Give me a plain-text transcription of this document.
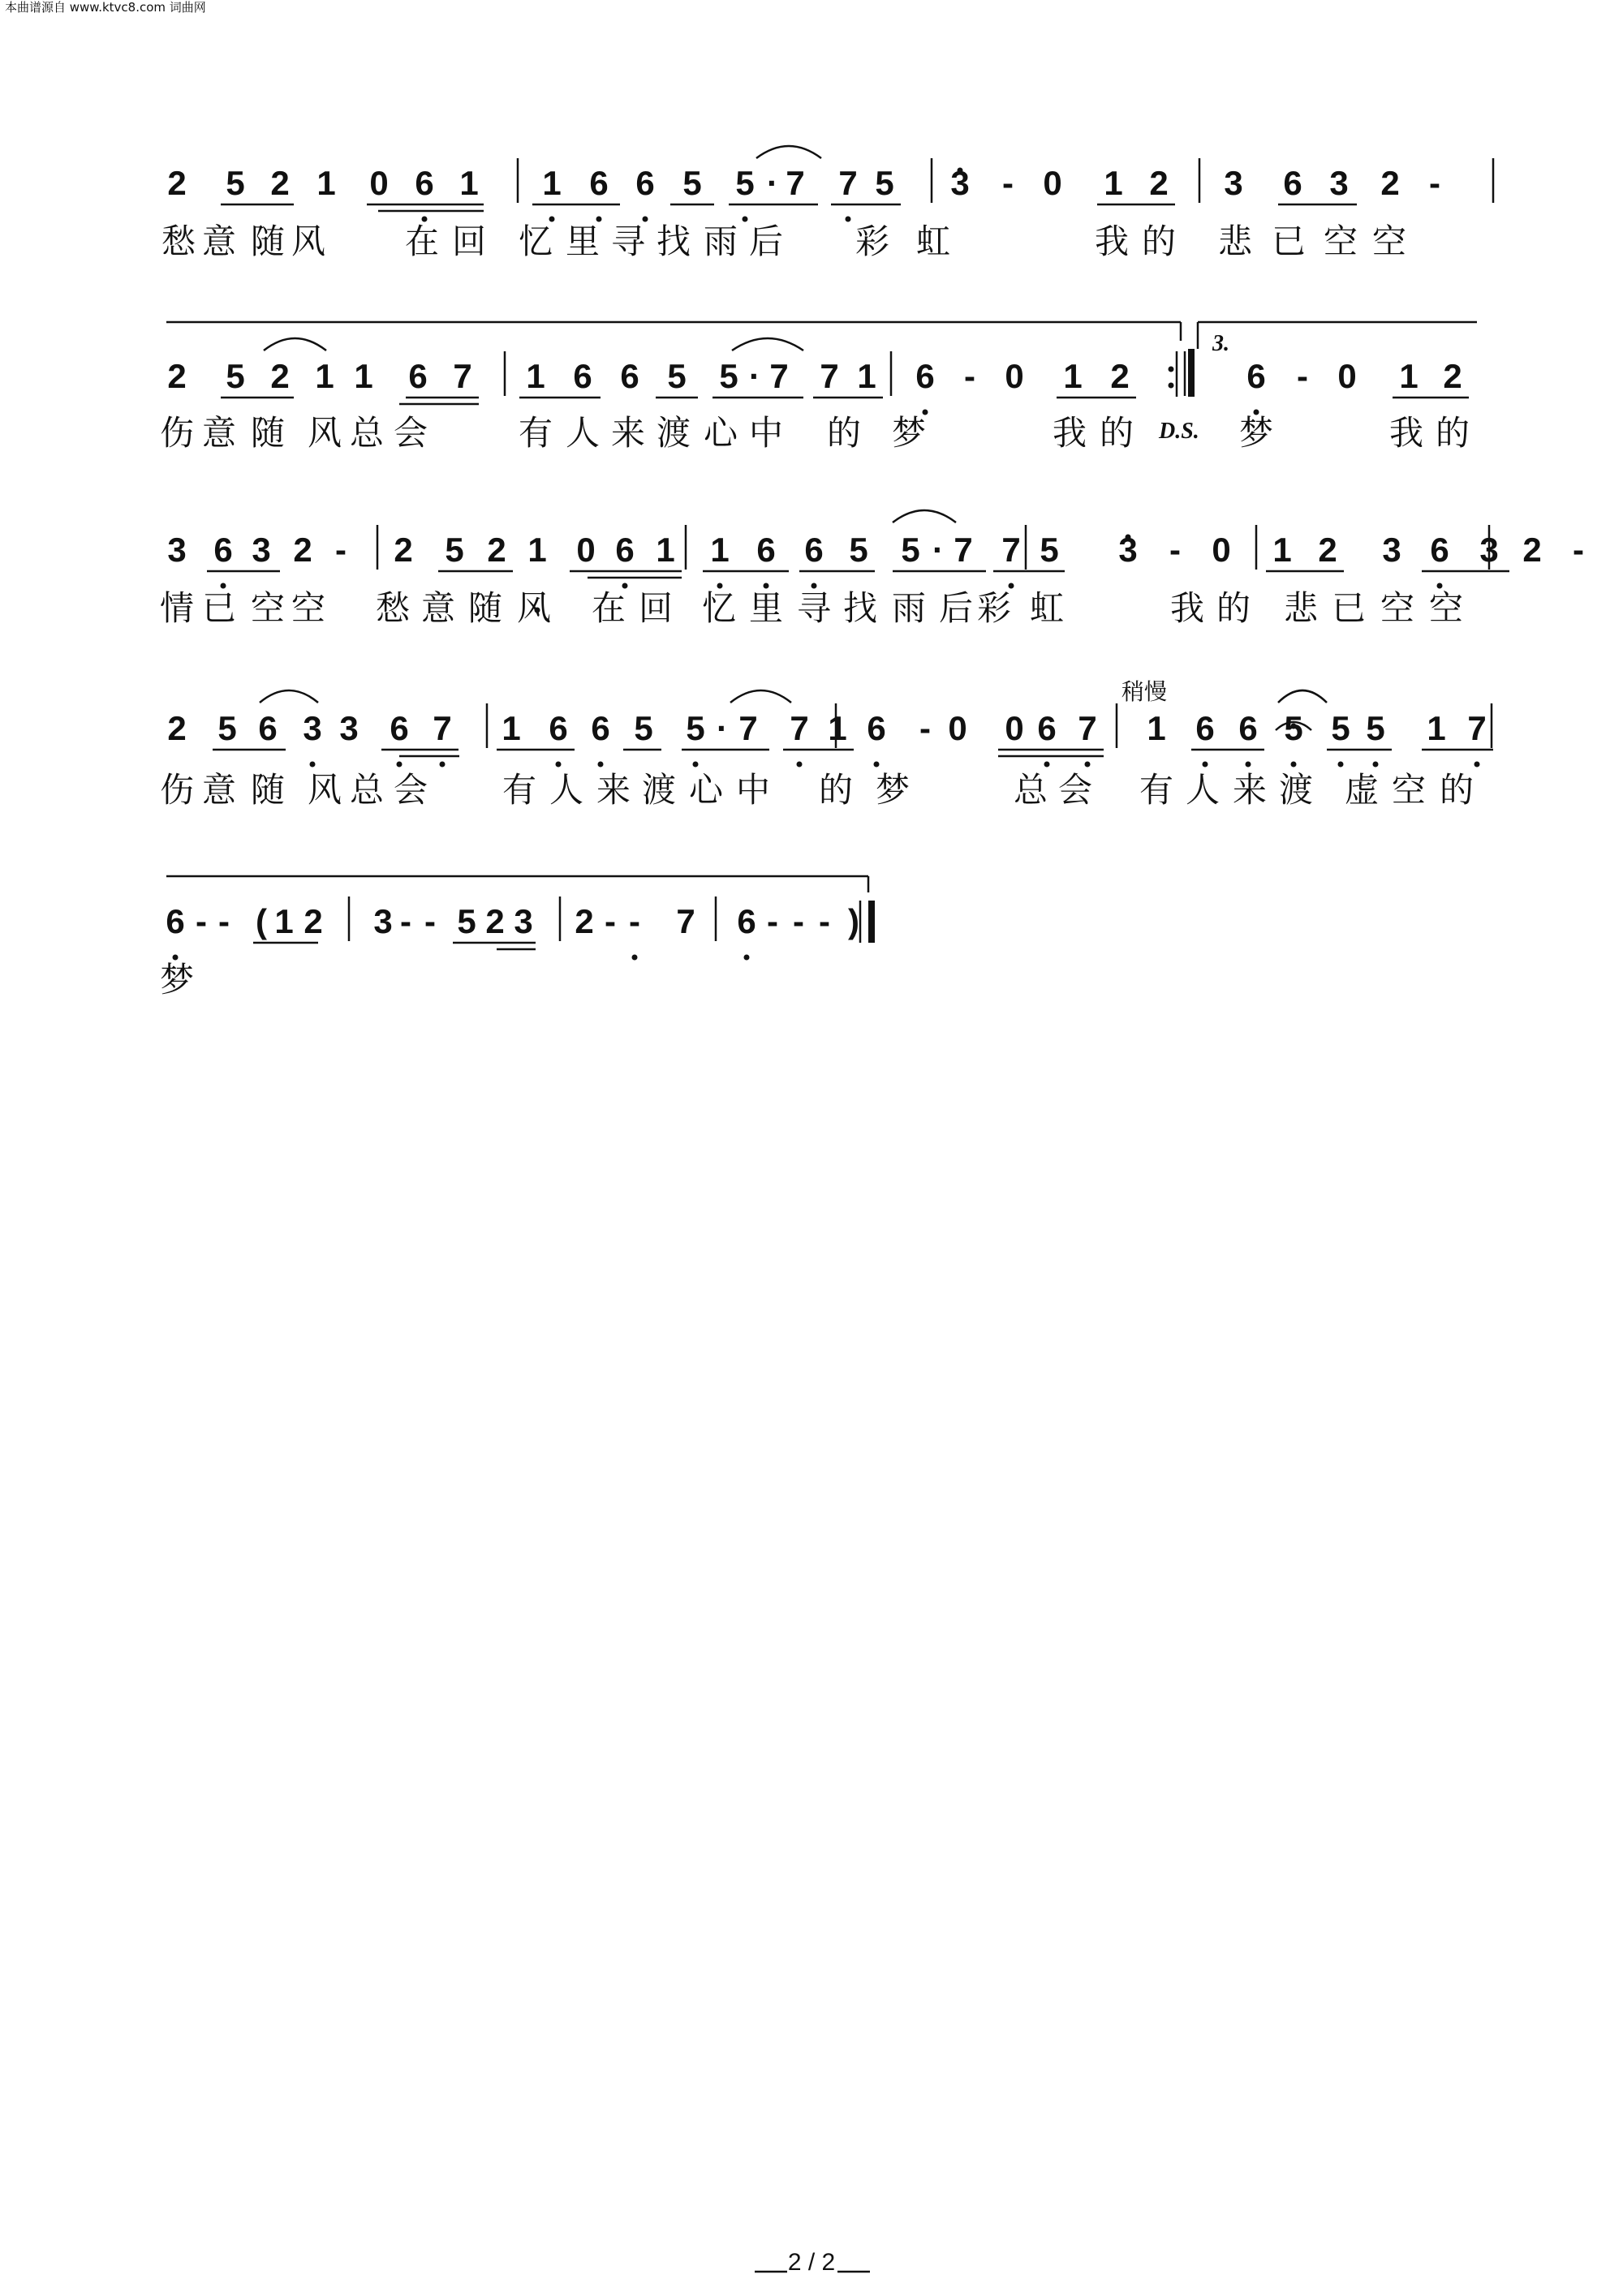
本曲谱源自 www.ktvc8.com 词曲网
3.
D.S.
稍慢
2 / 2
2 5 2 1 0 6 1 1 6 6 5 5 · 7 7 5 3 - 0 1 2 3 6 3 2 -
愁 意 随 风 在 回 忆 里 寻 找 雨 后 彩 虹	我 的 悲 已 空 空
2 5 2 1 1 6 7 1 6 6 5 5 · 7 7 1 6 - 0 1 2	6 - 0 1 2
伤 意 随 风 总 会	有 人 来 渡 心 中 的 梦	我 的	梦	我 的
3 6 3 2 - 2 5 2 1 0 6 1 1 6 6 5 5 · 7 7 5 3 - 0 1 2 3 6 3 2 -
情 已 空 空 愁 意 随 风 在 回 忆 里 寻 找 雨 后 彩 虹	我 的 悲 已 空 空
2 5 6 3 3 6 7 1 6 6 5 5 · 7 7 1 6 - 0 0 6 7 1 6 6 5 5 5 1 7
伤 意 随 风 总 会 有 人 来 渡 心 中 的 梦	总 会 有 人 来 渡 虚 空 的
6 - - ( 1 2 3 - - 5 2 3 2 - - 7 6 - - - )
梦
